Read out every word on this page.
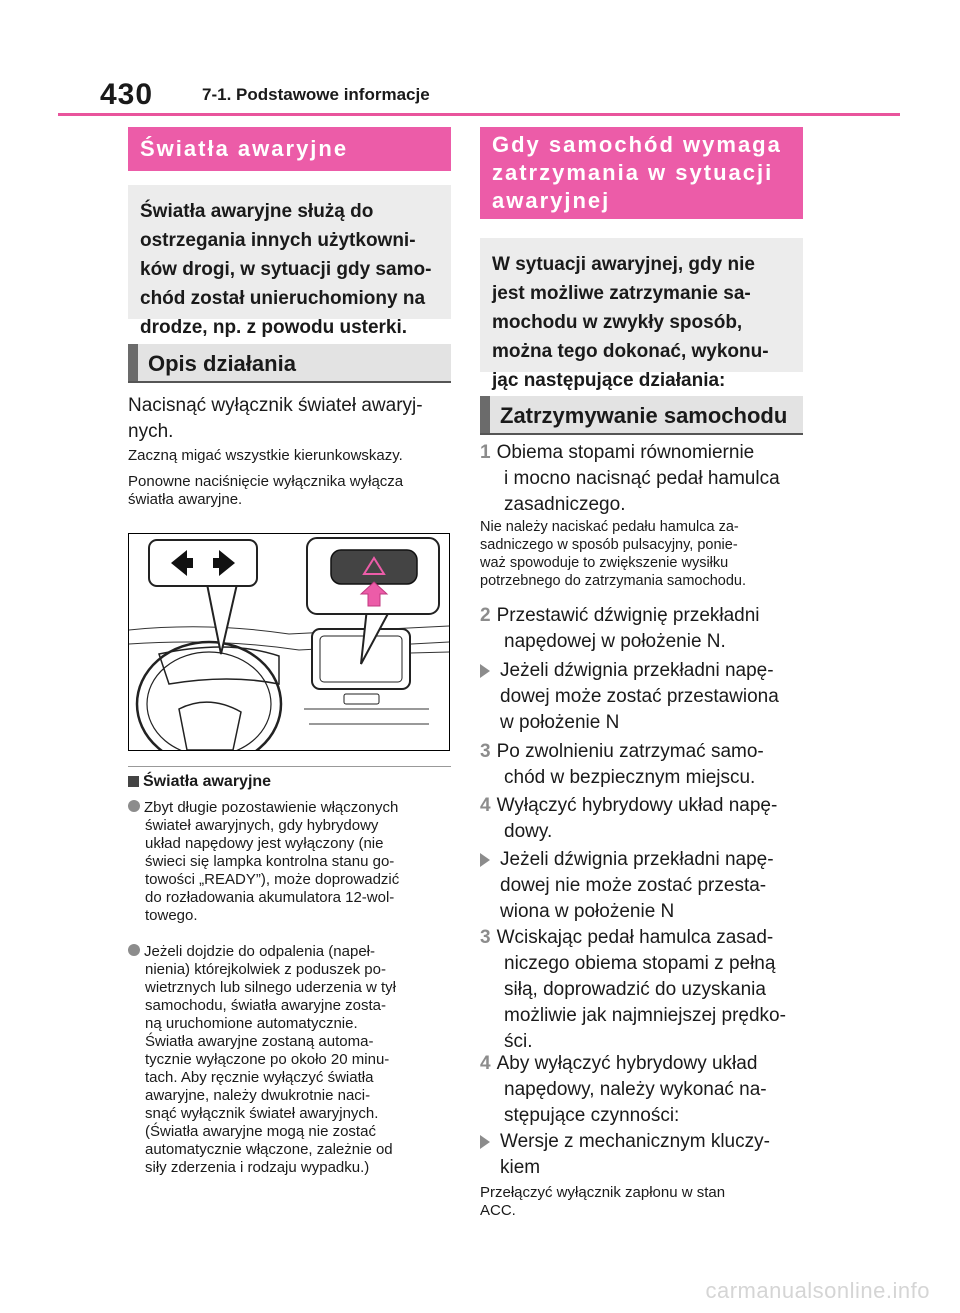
430	7-1. Podstawowe informacje
Światła awaryjne
Światła awaryjne służą do
ostrzegania innych użytkowni-
ków drogi, w sytuacji gdy samo-
chód został unieruchomiony na
drodze, np. z powodu usterki.
Opis działania
Nacisnąć wyłącznik świateł awaryj-
nych.
Zaczną migać wszystkie kierunkowskazy.
Ponowne naciśnięcie wyłącznika wyłącza
światła awaryjne.
Światła awaryjne
Zbyt długie pozostawienie włączonych
świateł awaryjnych, gdy hybrydowy
układ napędowy jest wyłączony (nie
świeci się lampka kontrolna stanu go-
towości „READY”), może doprowadzić
do rozładowania akumulatora 12-wol-
towego.
Jeżeli dojdzie do odpalenia (napeł-
nienia) którejkolwiek z poduszek po-
wietrznych lub silnego uderzenia w tył
samochodu, światła awaryjne zosta-
ną uruchomione automatycznie.
Światła awaryjne zostaną automa-
tycznie wyłączone po około 20 minu-
tach. Aby ręcznie wyłączyć światła
awaryjne, należy dwukrotnie naci-
snąć wyłącznik świateł awaryjnych.
(Światła awaryjne mogą nie zostać
automatycznie włączone, zależnie od
siły zderzenia i rodzaju wypadku.)
Gdy samochód wymaga
zatrzymania w sytuacji
awaryjnej
W sytuacji awaryjnej, gdy nie
jest możliwe zatrzymanie sa-
mochodu w zwykły sposób,
można tego dokonać, wykonu-
jąc następujące działania:
Zatrzymywanie samochodu
1 Obiema stopami równomiernie
i mocno nacisnąć pedał hamulca
zasadniczego.
Nie należy naciskać pedału hamulca za-
sadniczego w sposób pulsacyjny, ponie-
waż spowoduje to zwiększenie wysiłku
potrzebnego do zatrzymania samochodu.
2 Przestawić dźwignię przekładni
napędowej w położenie N.
Jeżeli dźwignia przekładni napę-
dowej może zostać przestawiona
w położenie N
3 Po zwolnieniu zatrzymać samo-
chód w bezpiecznym miejscu.
4 Wyłączyć hybrydowy układ napę-
dowy.
Jeżeli dźwignia przekładni napę-
dowej nie może zostać przesta-
wiona w położenie N
3 Wciskając pedał hamulca zasad-
niczego obiema stopami z pełną
siłą, doprowadzić do uzyskania
możliwie jak najmniejszej prędko-
ści.
4 Aby wyłączyć hybrydowy układ
napędowy, należy wykonać na-
stępujące czynności:
Wersje z mechanicznym kluczy-
kiem
Przełączyć wyłącznik zapłonu w stan
ACC.
carmanualsonline.info
